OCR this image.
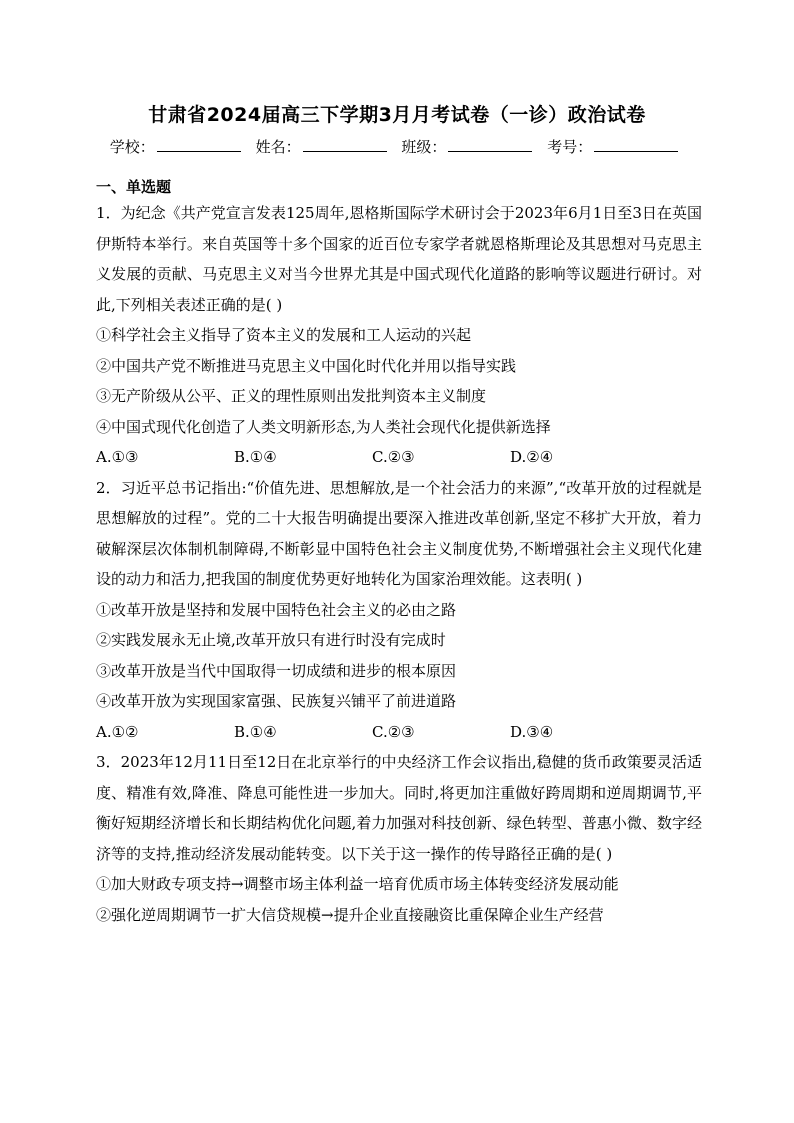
甘肃省2024届高三下学期3月月考试卷（一诊）政治试卷
学校：	姓名：	班级：	考号：
一、单选题

1．为纪念《共产党宣言发表125周年,恩格斯国际学术研讨会于2023年6月1日至3日在英国伊斯特本举行。来自英国等十多个国家的近百位专家学者就恩格斯理论及其思想对马克思主义发展的贡献、马克思主义对当今世界尤其是中国式现代化道路的影响等议题进行研讨。对此,下列相关表述正确的是( )

①科学社会主义指导了资本主义的发展和工人运动的兴起

②中国共产党不断推进马克思主义中国化时代化并用以指导实践

③无产阶级从公平、正义的理性原则出发批判资本主义制度

④中国式现代化创造了人类文明新形态,为人类社会现代化提供新选择

A.①③	B.①④	C.②③	D.②④

2．习近平总书记指出:“价值先进、思想解放,是一个社会活力的来源”,“改革开放的过程就是思想解放的过程”。党的二十大报告明确提出要深入推进改革创新,坚定不移扩大开放，着力破解深层次体制机制障碍,不断彰显中国特色社会主义制度优势,不断增强社会主义现代化建设的动力和活力,把我国的制度优势更好地转化为国家治理效能。这表明( )

①改革开放是坚持和发展中国特色社会主义的必由之路

②实践发展永无止境,改革开放只有进行时没有完成时

③改革开放是当代中国取得一切成绩和进步的根本原因

④改革开放为实现国家富强、民族复兴铺平了前进道路

A.①②	B.①④	C.②③	D.③④

3．2023年12月11日至12日在北京举行的中央经济工作会议指出,稳健的货币政策要灵活适度、精准有效,降准、降息可能性进一步加大。同时,将更加注重做好跨周期和逆周期调节,平衡好短期经济增长和长期结构优化问题,着力加强对科技创新、绿色转型、普惠小微、数字经济等的支持,推动经济发展动能转变。以下关于这一操作的传导路径正确的是( )

①加大财政专项支持→调整市场主体利益一培育优质市场主体转变经济发展动能

②强化逆周期调节一扩大信贷规模→提升企业直接融资比重保障企业生产经营
